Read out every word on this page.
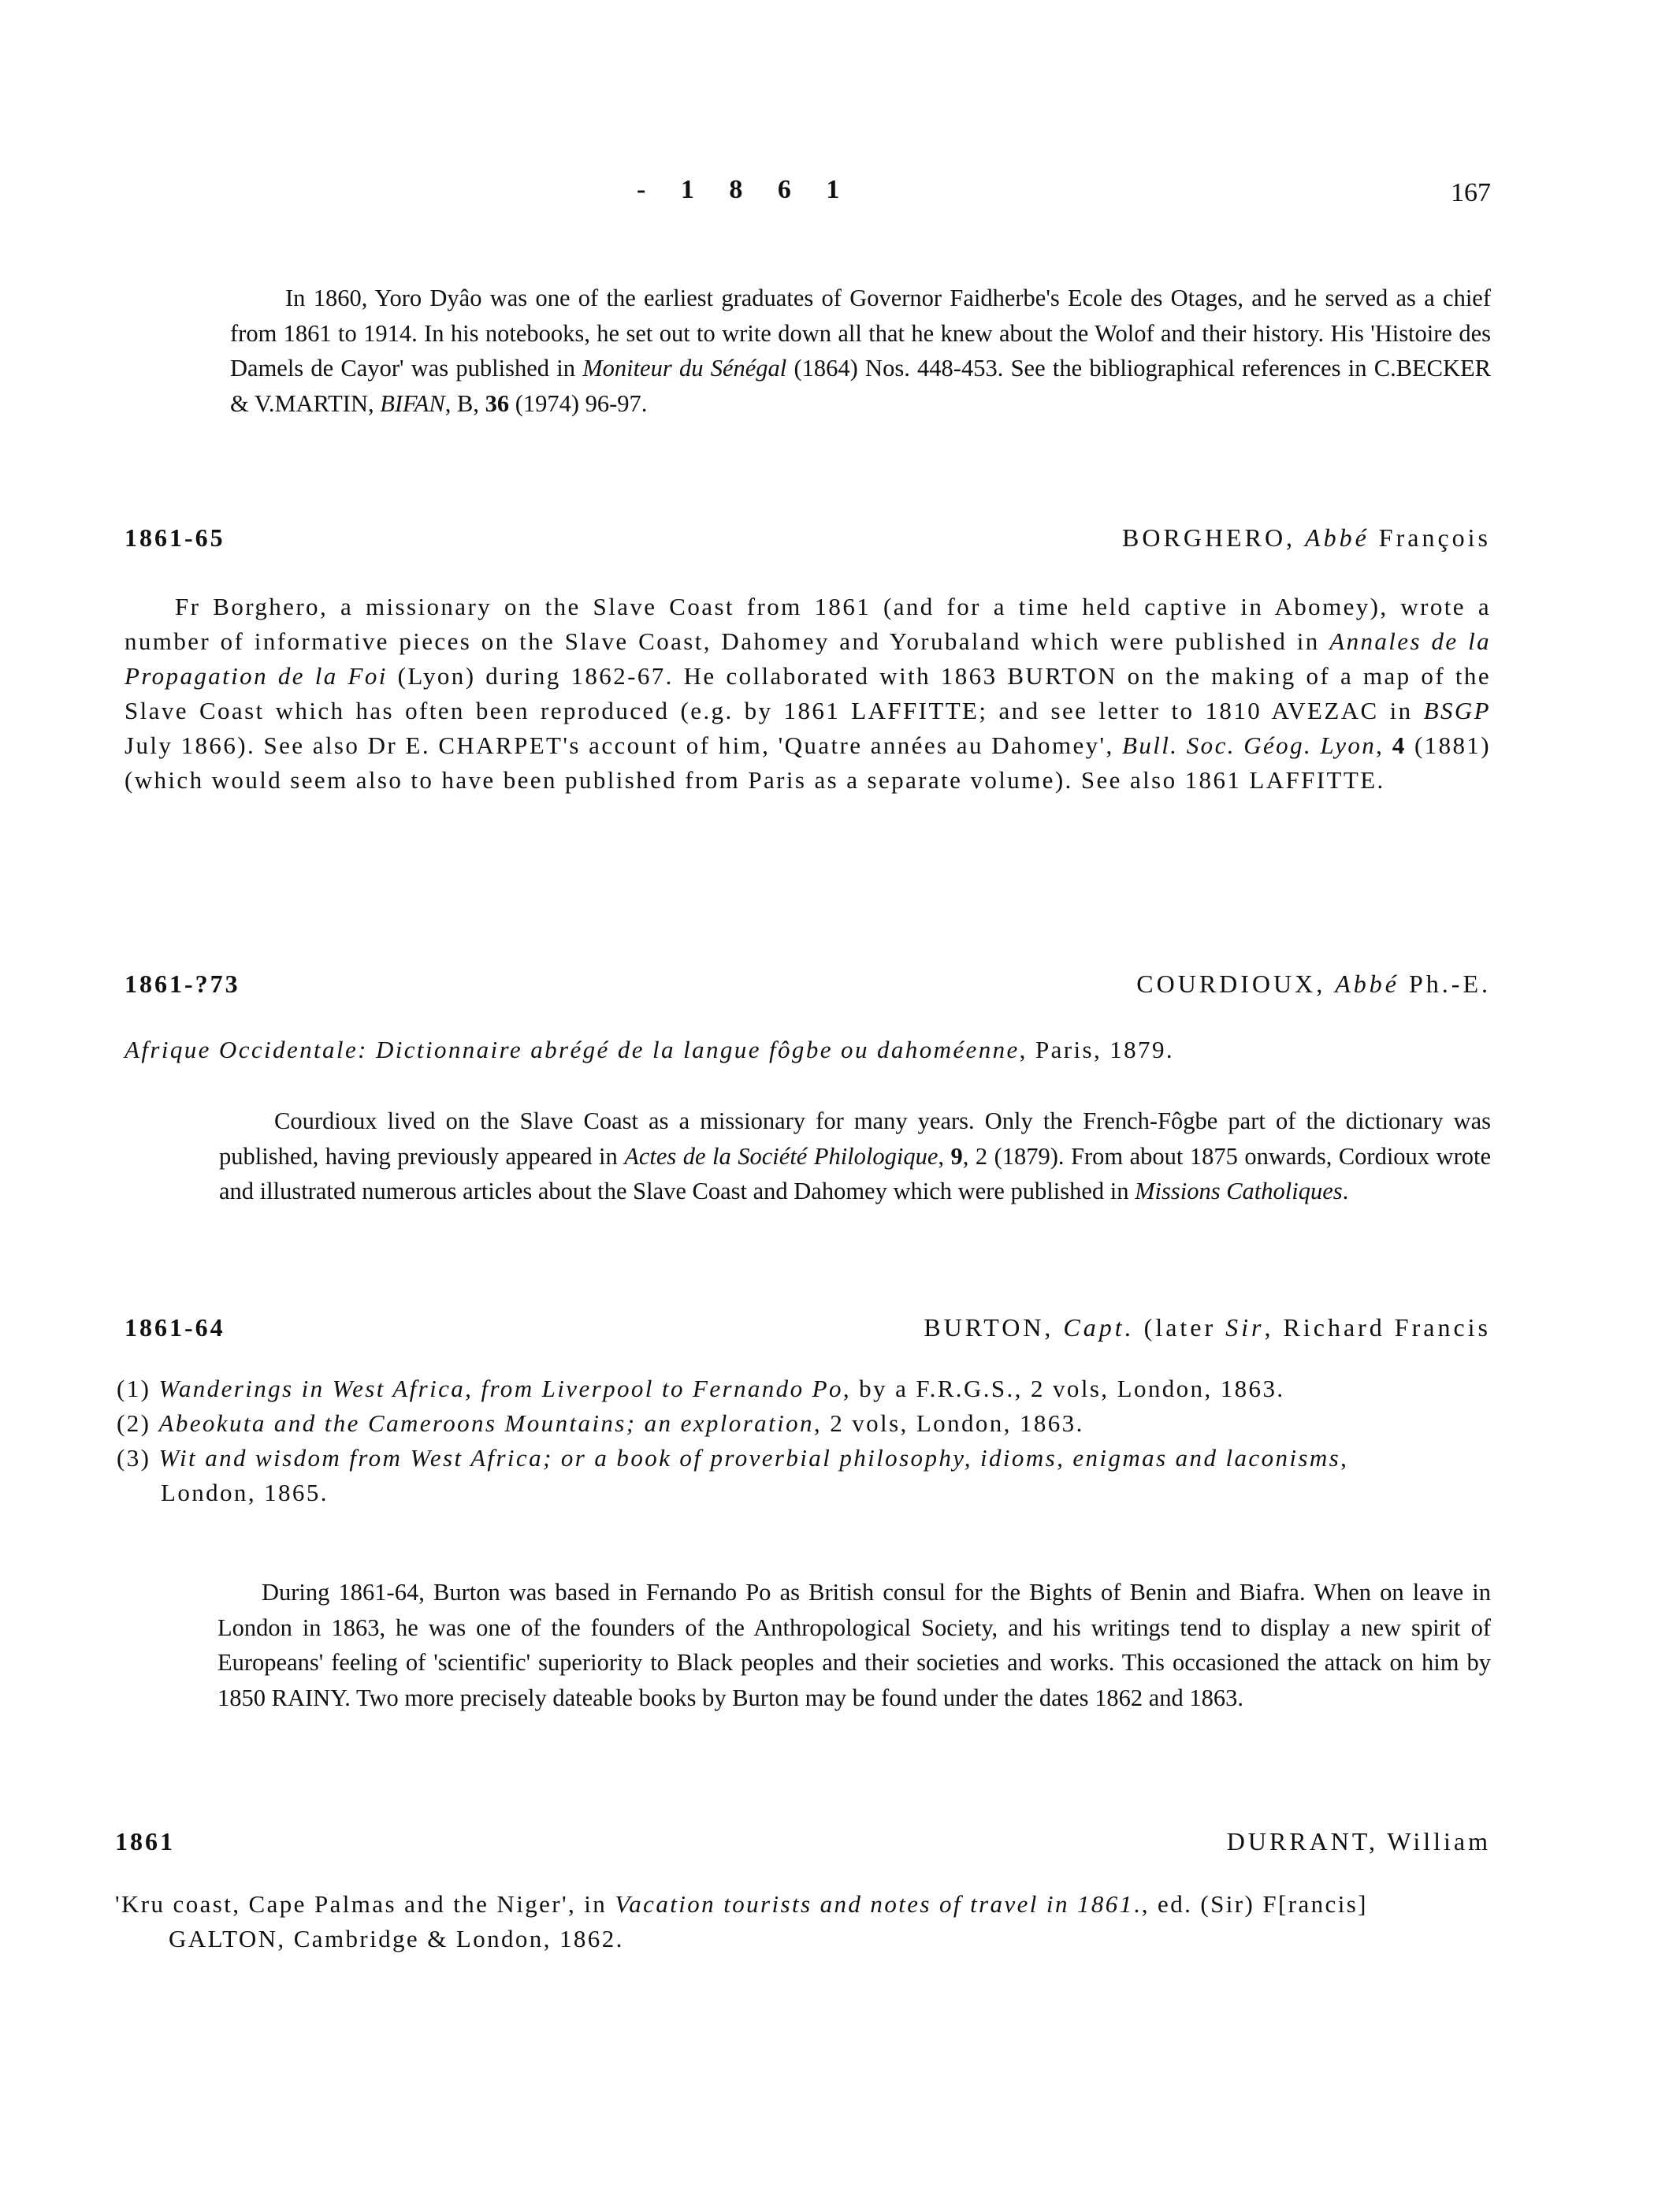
- 1 8 6 1	167

In 1860, Yoro Dyâo was one of the earliest graduates of Governor Faidherbe's Ecole des Otages, and he served as a chief from 1861 to 1914. In his notebooks, he set out to write down all that he knew about the Wolof and their history. His 'Histoire des Damels de Cayor' was published in Moniteur du Sénégal (1864) Nos. 448-453. See the bibliographical references in C.BECKER & V.MARTIN, BIFAN, B, 36 (1974) 96-97.

1861-65	BORGHERO, Abbé François

Fr Borghero, a missionary on the Slave Coast from 1861 (and for a time held captive in Abomey), wrote a number of informative pieces on the Slave Coast, Dahomey and Yorubaland which were published in Annales de la Propagation de la Foi (Lyon) during 1862-67. He collaborated with 1863 BURTON on the making of a map of the Slave Coast which has often been reproduced (e.g. by 1861 LAFFITTE; and see letter to 1810 AVEZAC in BSGP July 1866). See also Dr E. CHARPET's account of him, 'Quatre années au Dahomey', Bull. Soc. Géog. Lyon, 4 (1881)(which would seem also to have been published from Paris as a separate volume). See also 1861 LAFFITTE.

1861-?73	COURDIOUX, Abbé Ph.-E.

Afrique Occidentale: Dictionnaire abrégé de la langue fôgbe ou dahoméenne, Paris, 1879.

Courdioux lived on the Slave Coast as a missionary for many years. Only the French-Fôgbe part of the dictionary was published, having previously appeared in Actes de la Société Philologique, 9, 2 (1879). From about 1875 onwards, Cordioux wrote and illustrated numerous articles about the Slave Coast and Dahomey which were published in Missions Catholiques.

1861-64	BURTON, Capt. (later Sir, Richard Francis

(1) Wanderings in West Africa, from Liverpool to Fernando Po, by a F.R.G.S., 2 vols, London, 1863.

(2) Abeokuta and the Cameroons Mountains; an exploration, 2 vols, London, 1863.

(3) Wit and wisdom from West Africa; or a book of proverbial philosophy, idioms, enigmas and laconisms, London, 1865.

During 1861-64, Burton was based in Fernando Po as British consul for the Bights of Benin and Biafra. When on leave in London in 1863, he was one of the founders of the Anthropological Society, and his writings tend to display a new spirit of Europeans' feeling of 'scientific' superiority to Black peoples and their societies and works. This occasioned the attack on him by 1850 RAINY. Two more precisely dateable books by Burton may be found under the dates 1862 and 1863.

1861	DURRANT, William

'Kru coast, Cape Palmas and the Niger', in Vacation tourists and notes of travel in 1861., ed. (Sir) F[rancis] GALTON, Cambridge & London, 1862.
